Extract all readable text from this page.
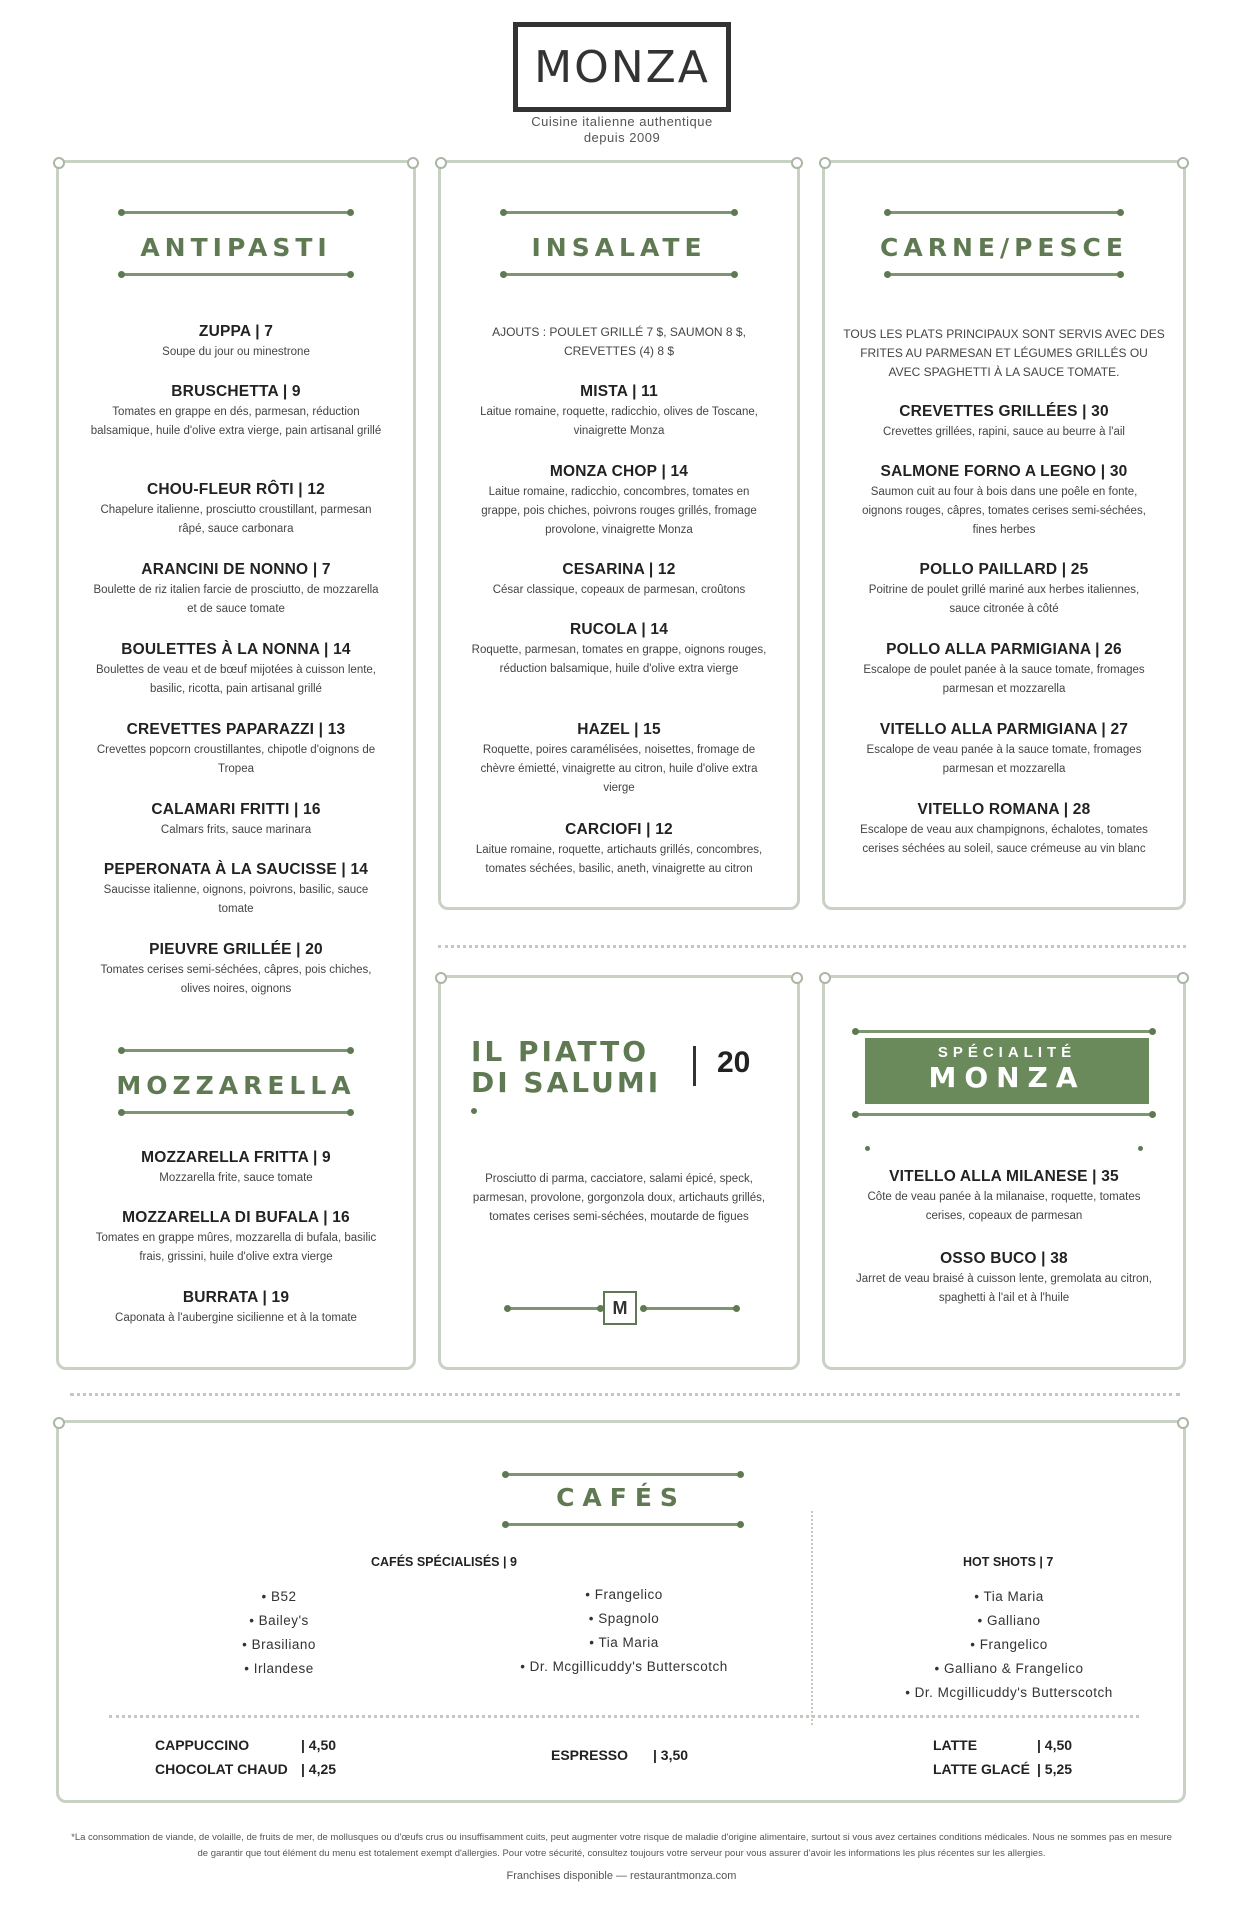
MONZA
Cuisine italienne authentique
depuis 2009
ANTIPASTI
ZUPPA | 7
Soupe du jour ou minestrone
BRUSCHETTA | 9
Tomates en grappe en dés, parmesan, réduction balsamique, huile d'olive extra vierge, pain artisanal grillé
CHOU-FLEUR RÔTI | 12
Chapelure italienne, prosciutto croustillant, parmesan râpé, sauce carbonara
ARANCINI DE NONNO | 7
Boulette de riz italien farcie de prosciutto, de mozzarella et de sauce tomate
BOULETTES À LA NONNA | 14
Boulettes de veau et de bœuf mijotées à cuisson lente, basilic, ricotta, pain artisanal grillé
CREVETTES PAPARAZZI | 13
Crevettes popcorn croustillantes, chipotle d'oignons de Tropea
CALAMARI FRITTI | 16
Calmars frits, sauce marinara
PEPERONATA À LA SAUCISSE | 14
Saucisse italienne, oignons, poivrons, basilic, sauce tomate
PIEUVRE GRILLÉE | 20
Tomates cerises semi-séchées, câpres, pois chiches, olives noires, oignons
MOZZARELLA
MOZZARELLA FRITTA | 9
Mozzarella frite, sauce tomate
MOZZARELLA DI BUFALA | 16
Tomates en grappe mûres, mozzarella di bufala, basilic frais, grissini, huile d'olive extra vierge
BURRATA | 19
Caponata à l'aubergine sicilienne et à la tomate
INSALATE
AJOUTS : POULET GRILLÉ 7 $, SAUMON 8 $, CREVETTES (4) 8 $
MISTA | 11
Laitue romaine, roquette, radicchio, olives de Toscane, vinaigrette Monza
MONZA CHOP | 14
Laitue romaine, radicchio, concombres, tomates en grappe, pois chiches, poivrons rouges grillés, fromage provolone, vinaigrette Monza
CESARINA | 12
César classique, copeaux de parmesan, croûtons
RUCOLA | 14
Roquette, parmesan, tomates en grappe, oignons rouges, réduction balsamique, huile d'olive extra vierge
HAZEL | 15
Roquette, poires caramélisées, noisettes, fromage de chèvre émietté, vinaigrette au citron, huile d'olive extra vierge
CARCIOFI | 12
Laitue romaine, roquette, artichauts grillés, concombres, tomates séchées, basilic, aneth, vinaigrette au citron
CARNE/PESCE
TOUS LES PLATS PRINCIPAUX SONT SERVIS AVEC DES FRITES AU PARMESAN ET LÉGUMES GRILLÉS OU AVEC SPAGHETTI À LA SAUCE TOMATE.
CREVETTES GRILLÉES | 30
Crevettes grillées, rapini, sauce au beurre à l'ail
SALMONE FORNO A LEGNO | 30
Saumon cuit au four à bois dans une poêle en fonte, oignons rouges, câpres, tomates cerises semi-séchées, fines herbes
POLLO PAILLARD | 25
Poitrine de poulet grillé mariné aux herbes italiennes, sauce citronée à côté
POLLO ALLA PARMIGIANA | 26
Escalope de poulet panée à la sauce tomate, fromages parmesan et mozzarella
VITELLO ALLA PARMIGIANA | 27
Escalope de veau panée à la sauce tomate, fromages parmesan et mozzarella
VITELLO ROMANA | 28
Escalope de veau aux champignons, échalotes, tomates cerises séchées au soleil, sauce crémeuse au vin blanc
IL PIATTO
DI SALUMI
20
Prosciutto di parma, cacciatore, salami épicé, speck, parmesan, provolone, gorgonzola doux, artichauts grillés, tomates cerises semi-séchées, moutarde de figues
M
SPÉCIALITÉ
MONZA
VITELLO ALLA MILANESE | 35
Côte de veau panée à la milanaise, roquette, tomates cerises, copeaux de parmesan
OSSO BUCO | 38
Jarret de veau braisé à cuisson lente, gremolata au citron, spaghetti à l'ail et à l'huile
CAFÉS
CAFÉS SPÉCIALISÉS | 9	HOT SHOTS | 7
• B52
• Bailey's
• Brasiliano
• Irlandese
• Frangelico
• Spagnolo
• Tia Maria
• Dr. Mcgillicuddy's Butterscotch
• Tia Maria
• Galliano
• Frangelico
• Galliano & Frangelico
• Dr. Mcgillicuddy's Butterscotch
CAPPUCCINO	| 4,50
CHOCOLAT CHAUD | 4,25
ESPRESSO | 3,50
LATTE	| 4,50
LATTE GLACÉ | 5,25
*La consommation de viande, de volaille, de fruits de mer, de mollusques ou d'œufs crus ou insuffisamment cuits, peut augmenter votre risque de maladie d'origine alimentaire, surtout si vous avez certaines conditions médicales. Nous ne sommes pas en mesure de garantir que tout élément du menu est totalement exempt d'allergies. Pour votre sécurité, consultez toujours votre serveur pour vous assurer d'avoir les informations les plus récentes sur les allergies.
Franchises disponible — restaurantmonza.com
